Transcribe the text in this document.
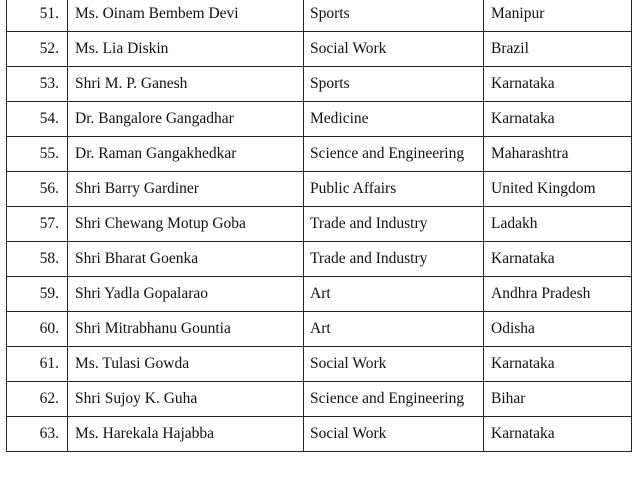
51.	Ms. Oinam Bembem Devi	Sports	Manipur

52.	Ms. Lia Diskin	Social Work	Brazil

53.	Shri M. P. Ganesh	Sports	Karnataka

54.	Dr. Bangalore Gangadhar	Medicine	Karnataka

55.	Dr. Raman Gangakhedkar	Science and Engineering	Maharashtra

56.	Shri Barry Gardiner	Public Affairs	United Kingdom

57.	Shri Chewang Motup Goba	Trade and Industry	Ladakh

58.	Shri Bharat Goenka	Trade and Industry	Karnataka

59.	Shri Yadla Gopalarao	Art	Andhra Pradesh

60.	Shri Mitrabhanu Gountia	Art	Odisha

61.	Ms. Tulasi Gowda	Social Work	Karnataka

62.	Shri Sujoy K. Guha	Science and Engineering	Bihar

63.	Ms. Harekala Hajabba	Social Work	Karnataka
